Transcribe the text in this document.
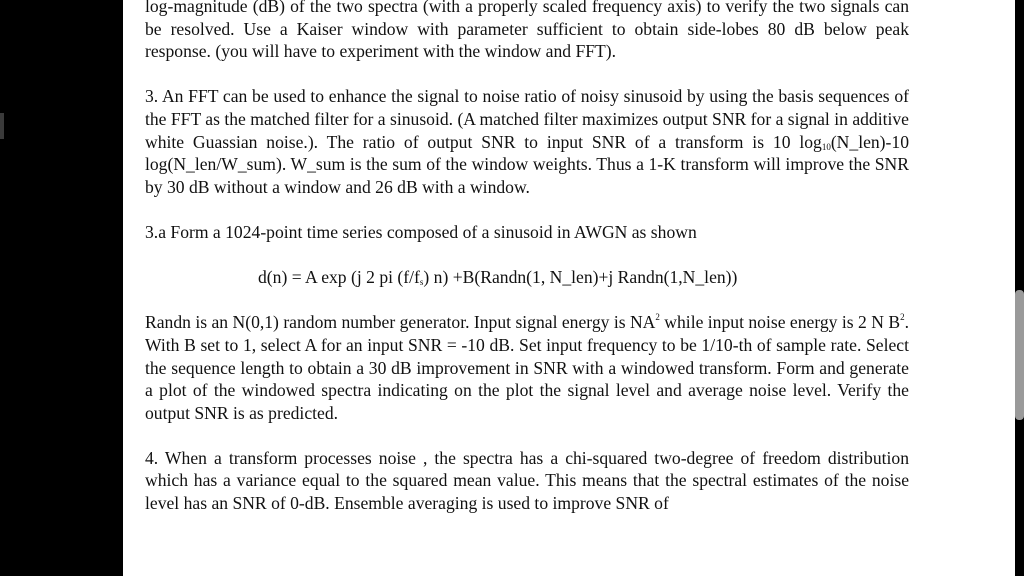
log-magnitude (dB) of the two spectra (with a properly scaled frequency axis) to verify the two signals can be resolved. Use a Kaiser window with parameter sufficient to obtain side-lobes 80 dB below peak response. (you will have to experiment with the window and FFT).

3. An FFT can be used to enhance the signal to noise ratio of noisy sinusoid by using the basis sequences of the FFT as the matched filter for a sinusoid. (A matched filter maximizes output SNR for a signal in additive white Guassian noise.). The ratio of output SNR to input SNR of a transform is 10 $\log_{10}(N\_len)-10$ log(N_len/W_sum). W_sum is the sum of the window weights. Thus a 1-K transform will improve the SNR by 30 dB without a window and 26 dB with a window.

3.a Form a 1024-point time series composed of a sinusoid in AWGN as shown

d(n) = A exp (j 2 pi $(f/f_s)$ n) +B(Randn(1, N_len)+j Randn(1,N_len))

Randn is an N(0,1) random number generator. Input signal energy is $NA^2$ while input noise energy is 2 N $B^2$. With B set to 1, select A for an input SNR = -10 dB. Set input frequency to be 1/10-th of sample rate. Select the sequence length to obtain a 30 dB improvement in SNR with a windowed transform. Form and generate a plot of the windowed spectra indicating on the plot the signal level and average noise level. Verify the output SNR is as predicted.

4. When a transform processes noise , the spectra has a chi-squared two-degree of freedom distribution which has a variance equal to the squared mean value. This means that the spectral estimates of the noise level has an SNR of 0-dB. Ensemble averaging is used to improve SNR of
